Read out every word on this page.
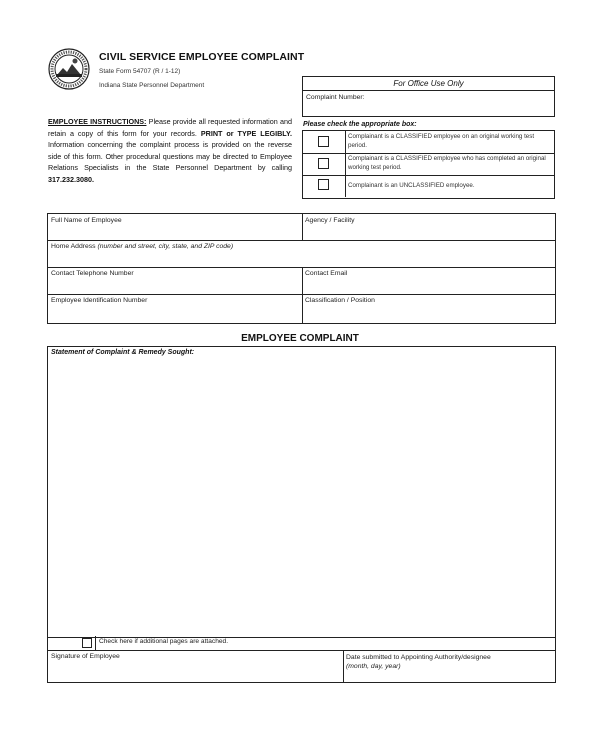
CIVIL SERVICE EMPLOYEE COMPLAINT
State Form 54707 (R / 1-12)
Indiana State Personnel Department
EMPLOYEE INSTRUCTIONS: Please provide all requested information and retain a copy of this form for your records. PRINT or TYPE LEGIBLY. Information concerning the complaint process is provided on the reverse side of this form. Other procedural questions may be directed to Employee Relations Specialists in the State Personnel Department by calling 317.232.3080.
For Office Use Only
Complaint Number:
Please check the appropriate box:
Complainant is a CLASSIFIED employee on an original working test period.
Complainant is a CLASSIFIED employee who has completed an original working test period.
Complainant is an UNCLASSIFIED employee.
Full Name of Employee	Agency / Facility
Home Address (number and street, city, state, and ZIP code)
Contact Telephone Number	Contact Email
Employee Identification Number	Classification / Position
EMPLOYEE COMPLAINT
Statement of Complaint & Remedy Sought:
Check here if additional pages are attached.
Signature of Employee	Date submitted to Appointing Authority/designee
(month, day, year)
